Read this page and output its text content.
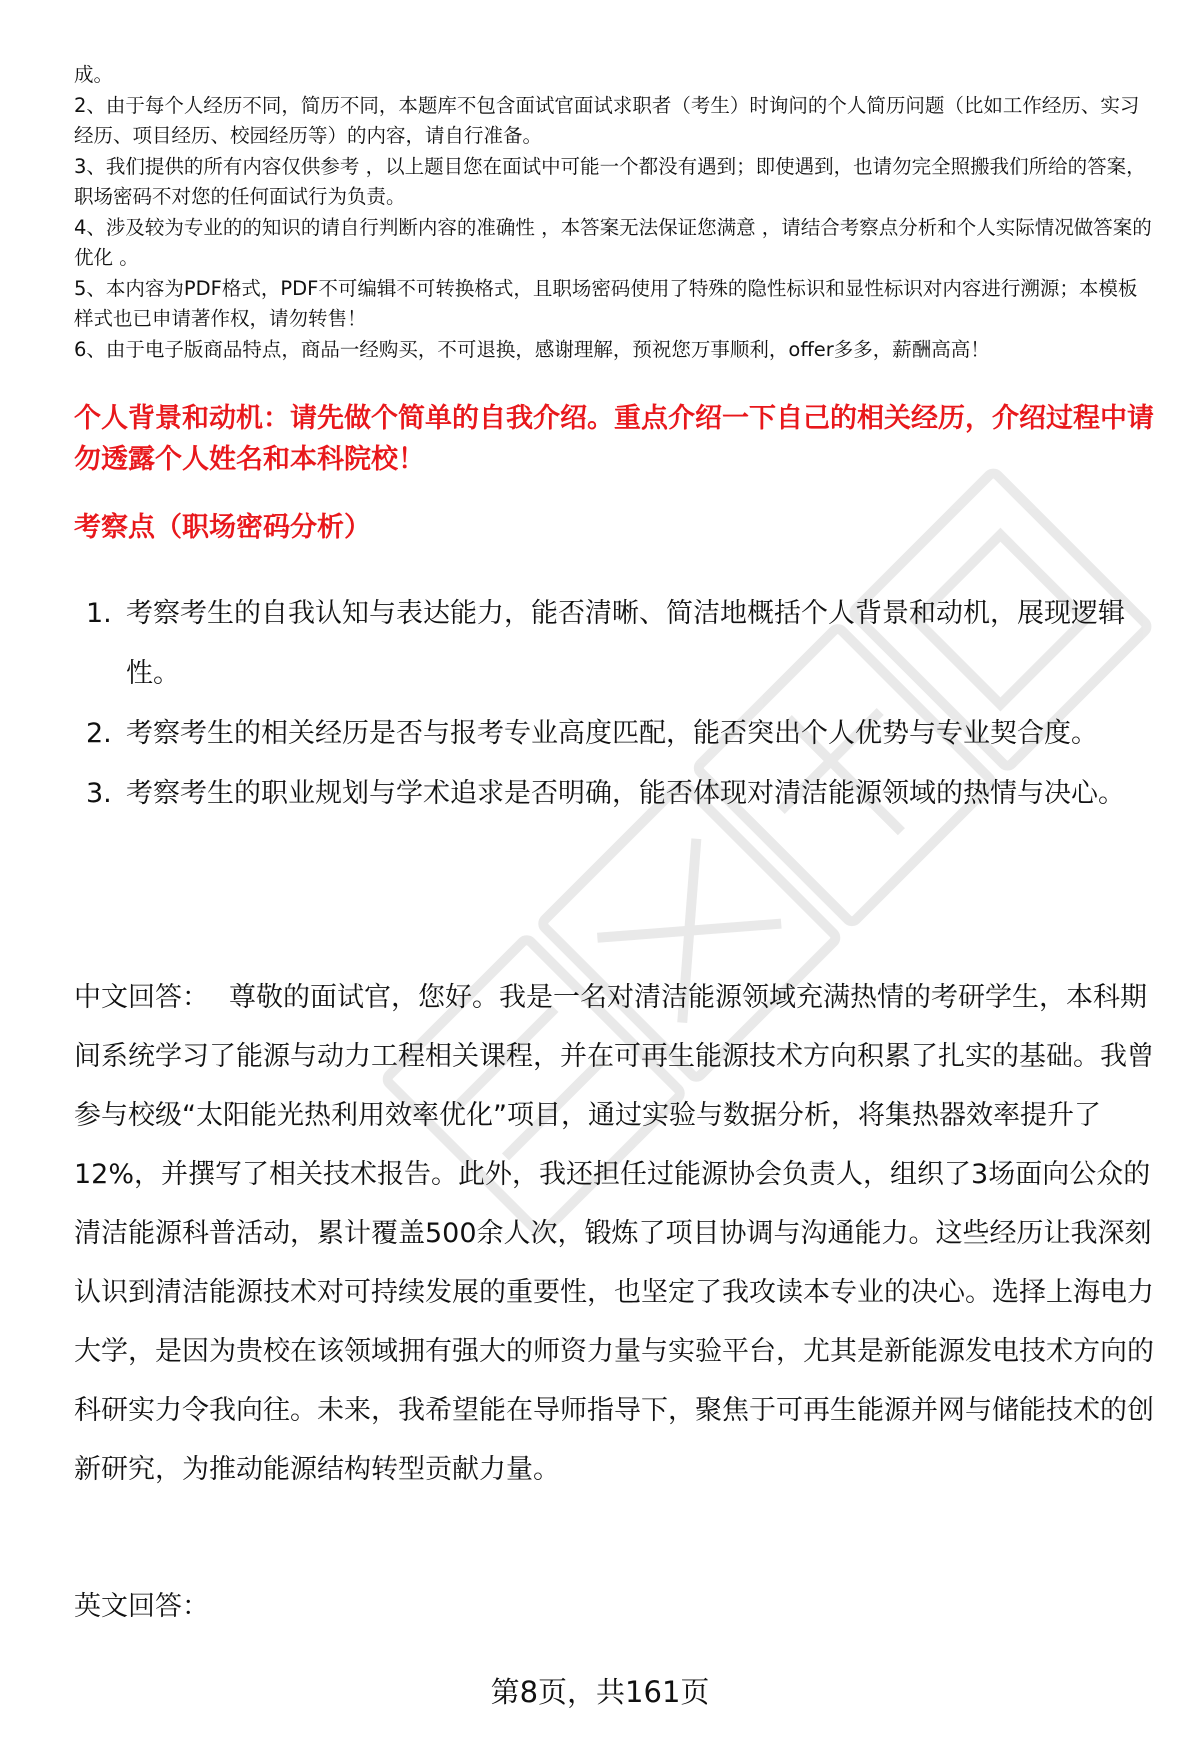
成。

2、由于每个人经历不同，简历不同，本题库不包含面试官面试求职者（考生）时询问的个人简历问题（比如工作经历、实习经历、项目经历、校园经历等）的内容，请自行准备。

3、我们提供的所有内容仅供参考 ，以上题目您在面试中可能一个都没有遇到；即使遇到，也请勿完全照搬我们所给的答案，职场密码不对您的任何面试行为负责。

4、涉及较为专业的的知识的请自行判断内容的准确性 ，本答案无法保证您满意 ，请结合考察点分析和个人实际情况做答案的优化 。

5、本内容为PDF格式，PDF不可编辑不可转换格式，且职场密码使用了特殊的隐性标识和显性标识对内容进行溯源；本模板样式也已申请著作权，请勿转售！

6、由于电子版商品特点，商品一经购买，不可退换，感谢理解，预祝您万事顺利，offer多多，薪酬高高！

个人背景和动机：请先做个简单的自我介绍。重点介绍一下自己的相关经历，介绍过程中请勿透露个人姓名和本科院校！
考察点（职场密码分析）
1. 考察考生的自我认知与表达能力，能否清晰、简洁地概括个人背景和动机，展现逻辑性。
2. 考察考生的相关经历是否与报考专业高度匹配，能否突出个人优势与专业契合度。
3. 考察考生的职业规划与学术追求是否明确，能否体现对清洁能源领域的热情与决心。

中文回答： 尊敬的面试官，您好。我是一名对清洁能源领域充满热情的考研学生，本科期间系统学习了能源与动力工程相关课程，并在可再生能源技术方向积累了扎实的基础。我曾参与校级“太阳能光热利用效率优化”项目，通过实验与数据分析，将集热器效率提升了12%，并撰写了相关技术报告。此外，我还担任过能源协会负责人，组织了3场面向公众的清洁能源科普活动，累计覆盖500余人次，锻炼了项目协调与沟通能力。这些经历让我深刻认识到清洁能源技术对可持续发展的重要性，也坚定了我攻读本专业的决心。选择上海电力大学，是因为贵校在该领域拥有强大的师资力量与实验平台，尤其是新能源发电技术方向的科研实力令我向往。未来，我希望能在导师指导下，聚焦于可再生能源并网与储能技术的创新研究，为推动能源结构转型贡献力量。

英文回答：
第8页，共161页
